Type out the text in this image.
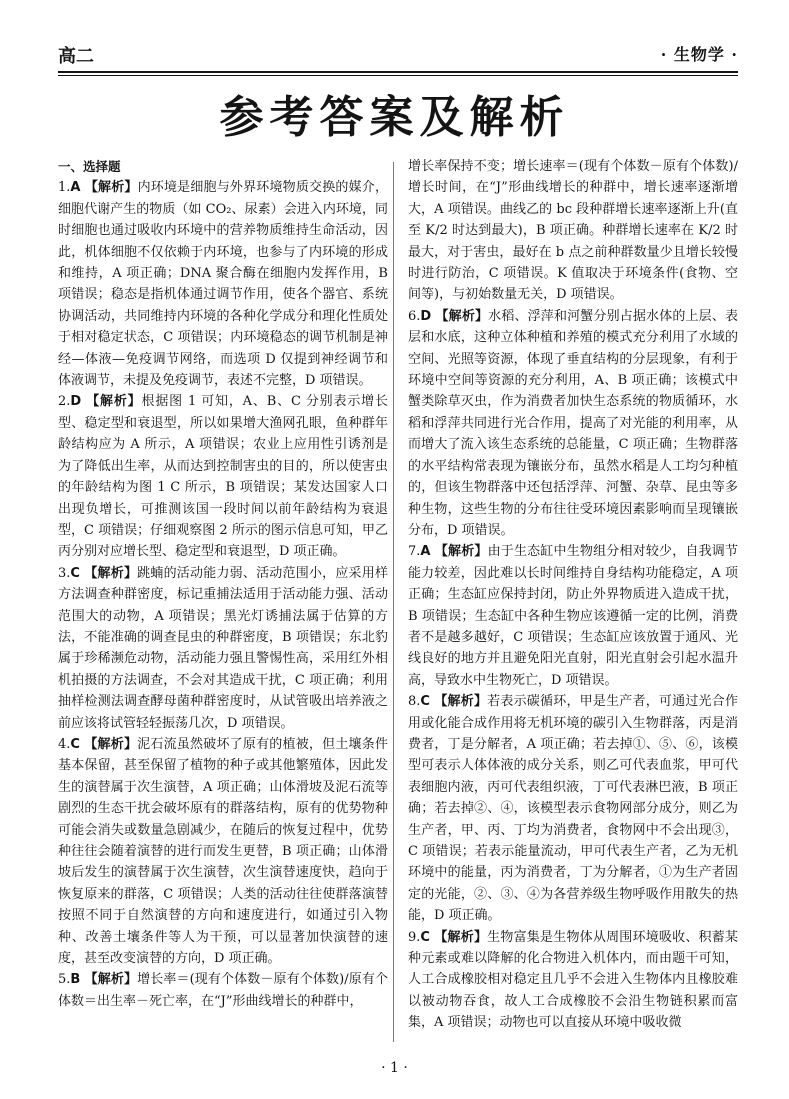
高二	· 生物学 ·
参考答案及解析
一、选择题

1.A 【解析】内环境是细胞与外界环境物质交换的媒介，细胞代谢产生的物质（如 CO₂、尿素）会进入内环境，同时细胞也通过吸收内环境中的营养物质维持生命活动，因此，机体细胞不仅依赖于内环境，也参与了内环境的形成和维持，A 项正确；DNA 聚合酶在细胞内发挥作用，B 项错误；稳态是指机体通过调节作用，使各个器官、系统协调活动，共同维持内环境的各种化学成分和理化性质处于相对稳定状态，C 项错误；内环境稳态的调节机制是神经—体液—免疫调节网络，而选项 D 仅提到神经调节和体液调节，未提及免疫调节，表述不完整，D 项错误。

2.D 【解析】根据图 1 可知，A、B、C 分别表示增长型、稳定型和衰退型，所以如果增大渔网孔眼，鱼种群年龄结构应为 A 所示，A 项错误；农业上应用性引诱剂是为了降低出生率，从而达到控制害虫的目的，所以使害虫的年龄结构为图 1 C 所示，B 项错误；某发达国家人口出现负增长，可推测该国一段时间以前年龄结构为衰退型，C 项错误；仔细观察图 2 所示的图示信息可知，甲乙丙分别对应增长型、稳定型和衰退型，D 项正确。

3.C 【解析】跳蝻的活动能力弱、活动范围小，应采用样方法调查种群密度，标记重捕法适用于活动能力强、活动范围大的动物，A 项错误；黑光灯诱捕法属于估算的方法，不能准确的调查昆虫的种群密度，B 项错误；东北豹属于珍稀濒危动物，活动能力强且警惕性高，采用红外相机拍摄的方法调查，不会对其造成干扰，C 项正确；利用抽样检测法调查酵母菌种群密度时，从试管吸出培养液之前应该将试管轻轻振荡几次，D 项错误。

4.C 【解析】泥石流虽然破坏了原有的植被，但土壤条件基本保留，甚至保留了植物的种子或其他繁殖体，因此发生的演替属于次生演替，A 项正确；山体滑坡及泥石流等剧烈的生态干扰会破坏原有的群落结构，原有的优势物种可能会消失或数量急剧减少，在随后的恢复过程中，优势种往往会随着演替的进行而发生更替，B 项正确；山体滑坡后发生的演替属于次生演替，次生演替速度快，趋向于恢复原来的群落，C 项错误；人类的活动往往使群落演替按照不同于自然演替的方向和速度进行，如通过引入物种、改善土壤条件等人为干预，可以显著加快演替的速度，甚至改变演替的方向，D 项正确。

5.B 【解析】增长率＝(现有个体数－原有个体数)/原有个体数＝出生率－死亡率，在“J”形曲线增长的种群中，

增长率保持不变；增长速率＝(现有个体数－原有个体数)/增长时间，在“J”形曲线增长的种群中，增长速率逐渐增大，A 项错误。曲线乙的 bc 段种群增长速率逐渐上升(直至 K/2 时达到最大)，B 项正确。种群增长速率在 K/2 时最大，对于害虫，最好在 b 点之前种群数量少且增长较慢时进行防治，C 项错误。K 值取决于环境条件(食物、空间等)，与初始数量无关，D 项错误。

6.D 【解析】水稻、浮萍和河蟹分别占据水体的上层、表层和水底，这种立体种植和养殖的模式充分利用了水域的空间、光照等资源，体现了垂直结构的分层现象，有利于环境中空间等资源的充分利用，A、B 项正确；该模式中蟹类除草灭虫，作为消费者加快生态系统的物质循环，水稻和浮萍共同进行光合作用，提高了对光能的利用率，从而增大了流入该生态系统的总能量，C 项正确；生物群落的水平结构常表现为镶嵌分布，虽然水稻是人工均匀种植的，但该生物群落中还包括浮萍、河蟹、杂草、昆虫等多种生物，这些生物的分布往往受环境因素影响而呈现镶嵌分布，D 项错误。

7.A 【解析】由于生态缸中生物组分相对较少，自我调节能力较差，因此难以长时间维持自身结构功能稳定，A 项正确；生态缸应保持封闭，防止外界物质进入造成干扰，B 项错误；生态缸中各种生物应该遵循一定的比例，消费者不是越多越好，C 项错误；生态缸应该放置于通风、光线良好的地方并且避免阳光直射，阳光直射会引起水温升高，导致水中生物死亡，D 项错误。

8.C 【解析】若表示碳循环，甲是生产者，可通过光合作用或化能合成作用将无机环境的碳引入生物群落，丙是消费者，丁是分解者，A 项正确；若去掉①、⑤、⑥，该模型可表示人体体液的成分关系，则乙可代表血浆，甲可代表细胞内液，丙可代表组织液，丁可代表淋巴液，B 项正确；若去掉②、④，该模型表示食物网部分成分，则乙为生产者，甲、丙、丁均为消费者，食物网中不会出现③，C 项错误；若表示能量流动，甲可代表生产者，乙为无机环境中的能量，丙为消费者，丁为分解者，①为生产者固定的光能，②、③、④为各营养级生物呼吸作用散失的热能，D 项正确。

9.C 【解析】生物富集是生物体从周围环境吸收、积蓄某种元素或难以降解的化合物进入机体内，而由题干可知，人工合成橡胶相对稳定且几乎不会进入生物体内且橡胶难以被动物吞食，故人工合成橡胶不会沿生物链积累而富集，A 项错误；动物也可以直接从环境中吸收微

· 1 ·
